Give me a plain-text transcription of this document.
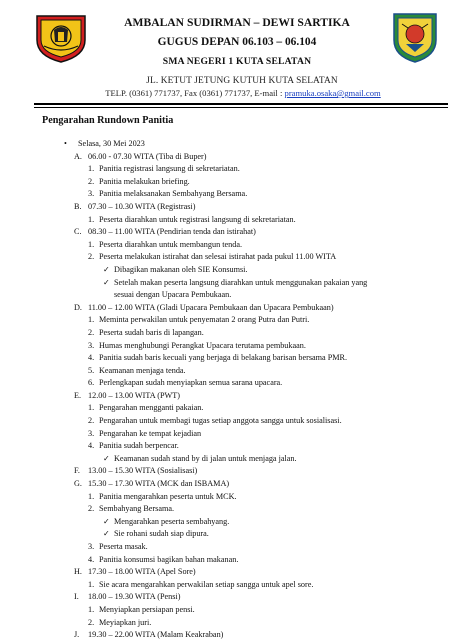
AMBALAN SUDIRMAN – DEWI SARTIKA
GUGUS DEPAN 06.103 – 06.104
SMA NEGERI 1 KUTA SELATAN
JL. KETUT JETUNG KUTUH KUTA SELATAN
TELP. (0361) 771737, Fax (0361) 771737, E-mail : pramuka.osaka@gmail.com
Pengarahan Rundown Panitia
• Selasa, 30 Mei 2023
A. 06.00 - 07.30 WITA (Tiba di Buper)
1. Panitia registrasi langsung di sekretariatan.
2. Panitia melakukan briefing.
3. Panitia melaksanakan Sembahyang Bersama.
B. 07.30 – 10.30 WITA (Registrasi)
1. Peserta diarahkan untuk registrasi langsung di sekretariatan.
C. 08.30 – 11.00 WITA (Pendirian tenda dan istirahat)
1. Peserta diarahkan untuk membangun tenda.
2. Peserta melakukan istirahat dan selesai istirahat pada pukul 11.00 WITA
✓ Dibagikan makanan oleh SIE Konsumsi.
✓ Setelah makan peserta langsung diarahkan untuk menggunakan pakaian yang
sesuai dengan Upacara Pembukaan.
D. 11.00 – 12.00 WITA (Gladi Upacara Pembukaan dan Upacara Pembukaan)
1. Meminta perwakilan untuk penyematan 2 orang Putra dan Putri.
2. Peserta sudah baris di lapangan.
3. Humas menghubungi Perangkat Upacara terutama pembukaan.
4. Panitia sudah baris kecuali yang berjaga di belakang barisan bersama PMR.
5. Keamanan menjaga tenda.
6. Perlengkapan sudah menyiapkan semua sarana upacara.
E. 12.00 – 13.00 WITA (PWT)
1. Pengarahan mengganti pakaian.
2. Pengarahan untuk membagi tugas setiap anggota sangga untuk sosialisasi.
3. Pengarahan ke tempat kejadian
4. Panitia sudah berpencar.
✓ Keamanan sudah stand by di jalan untuk menjaga jalan.
F. 13.00 – 15.30 WITA (Sosialisasi)
G. 15.30 – 17.30 WITA (MCK dan ISBAMA)
1. Panitia mengarahkan peserta untuk MCK.
2. Sembahyang Bersama.
✓ Mengarahkan peserta sembahyang.
✓ Sie rohani sudah siap dipura.
3. Peserta masak.
4. Panitia konsumsi bagikan bahan makanan.
H. 17.30 – 18.00 WITA (Apel Sore)
1. Sie acara mengarahkan perwakilan setiap sangga untuk apel sore.
I. 18.00 – 19.30 WITA (Pensi)
1. Menyiapkan persiapan pensi.
2. Meyiapkan juri.
J. 19.30 – 22.00 WITA (Malam Keakraban)
